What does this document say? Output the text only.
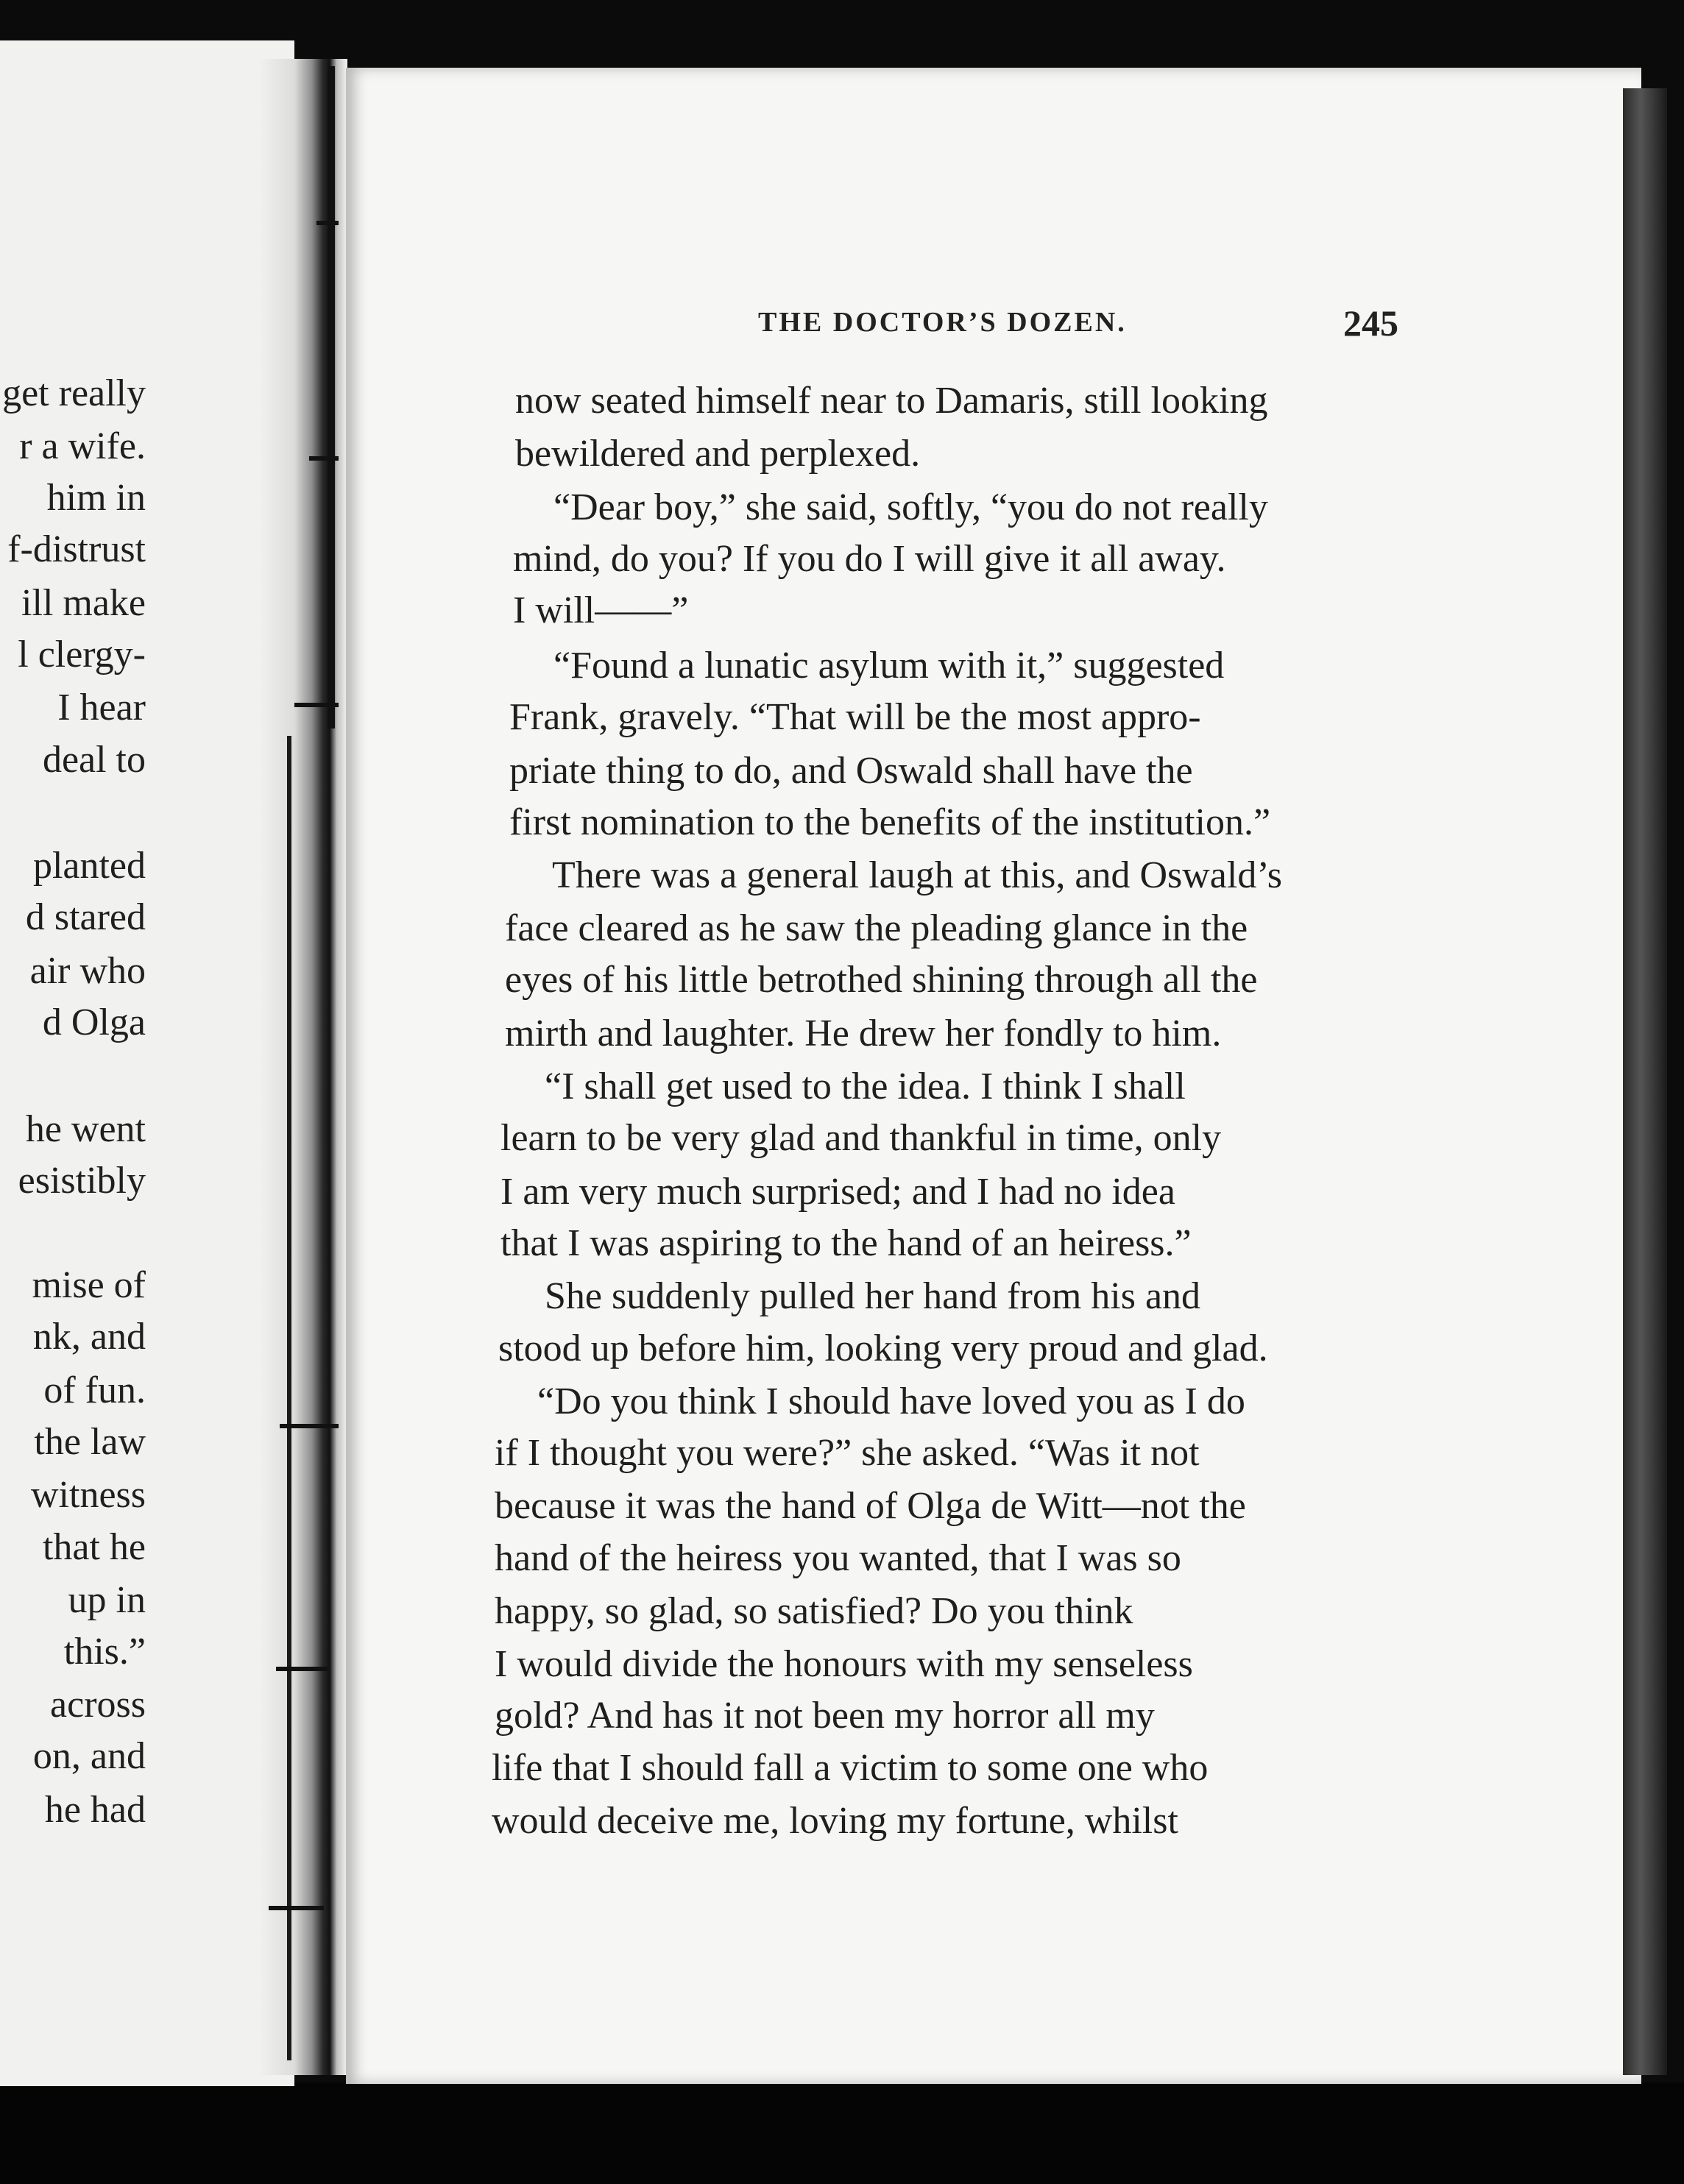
get really
r a wife.
him in
f-distrust
ill make
l clergy-
I hear
deal to
planted
d stared
air who
d Olga
he went
esistibly
mise of
nk, and
of fun.
the law
witness
that he
up in
this.”
across
on, and
he had
THE DOCTOR’S DOZEN.	245
now seated himself near to Damaris, still looking
bewildered and perplexed.
“Dear boy,” she said, softly, “you do not really
mind, do you? If you do I will give it all away.
I will——”
“Found a lunatic asylum with it,” suggested
Frank, gravely. “That will be the most appro-
priate thing to do, and Oswald shall have the
first nomination to the benefits of the institution.”
There was a general laugh at this, and Oswald’s
face cleared as he saw the pleading glance in the
eyes of his little betrothed shining through all the
mirth and laughter. He drew her fondly to him.
“I shall get used to the idea. I think I shall
learn to be very glad and thankful in time, only
I am very much surprised; and I had no idea
that I was aspiring to the hand of an heiress.”
She suddenly pulled her hand from his and
stood up before him, looking very proud and glad.
“Do you think I should have loved you as I do
if I thought you were?” she asked. “Was it not
because it was the hand of Olga de Witt—not the
hand of the heiress you wanted, that I was so
happy, so glad, so satisfied? Do you think
I would divide the honours with my senseless
gold? And has it not been my horror all my
life that I should fall a victim to some one who
would deceive me, loving my fortune, whilst
